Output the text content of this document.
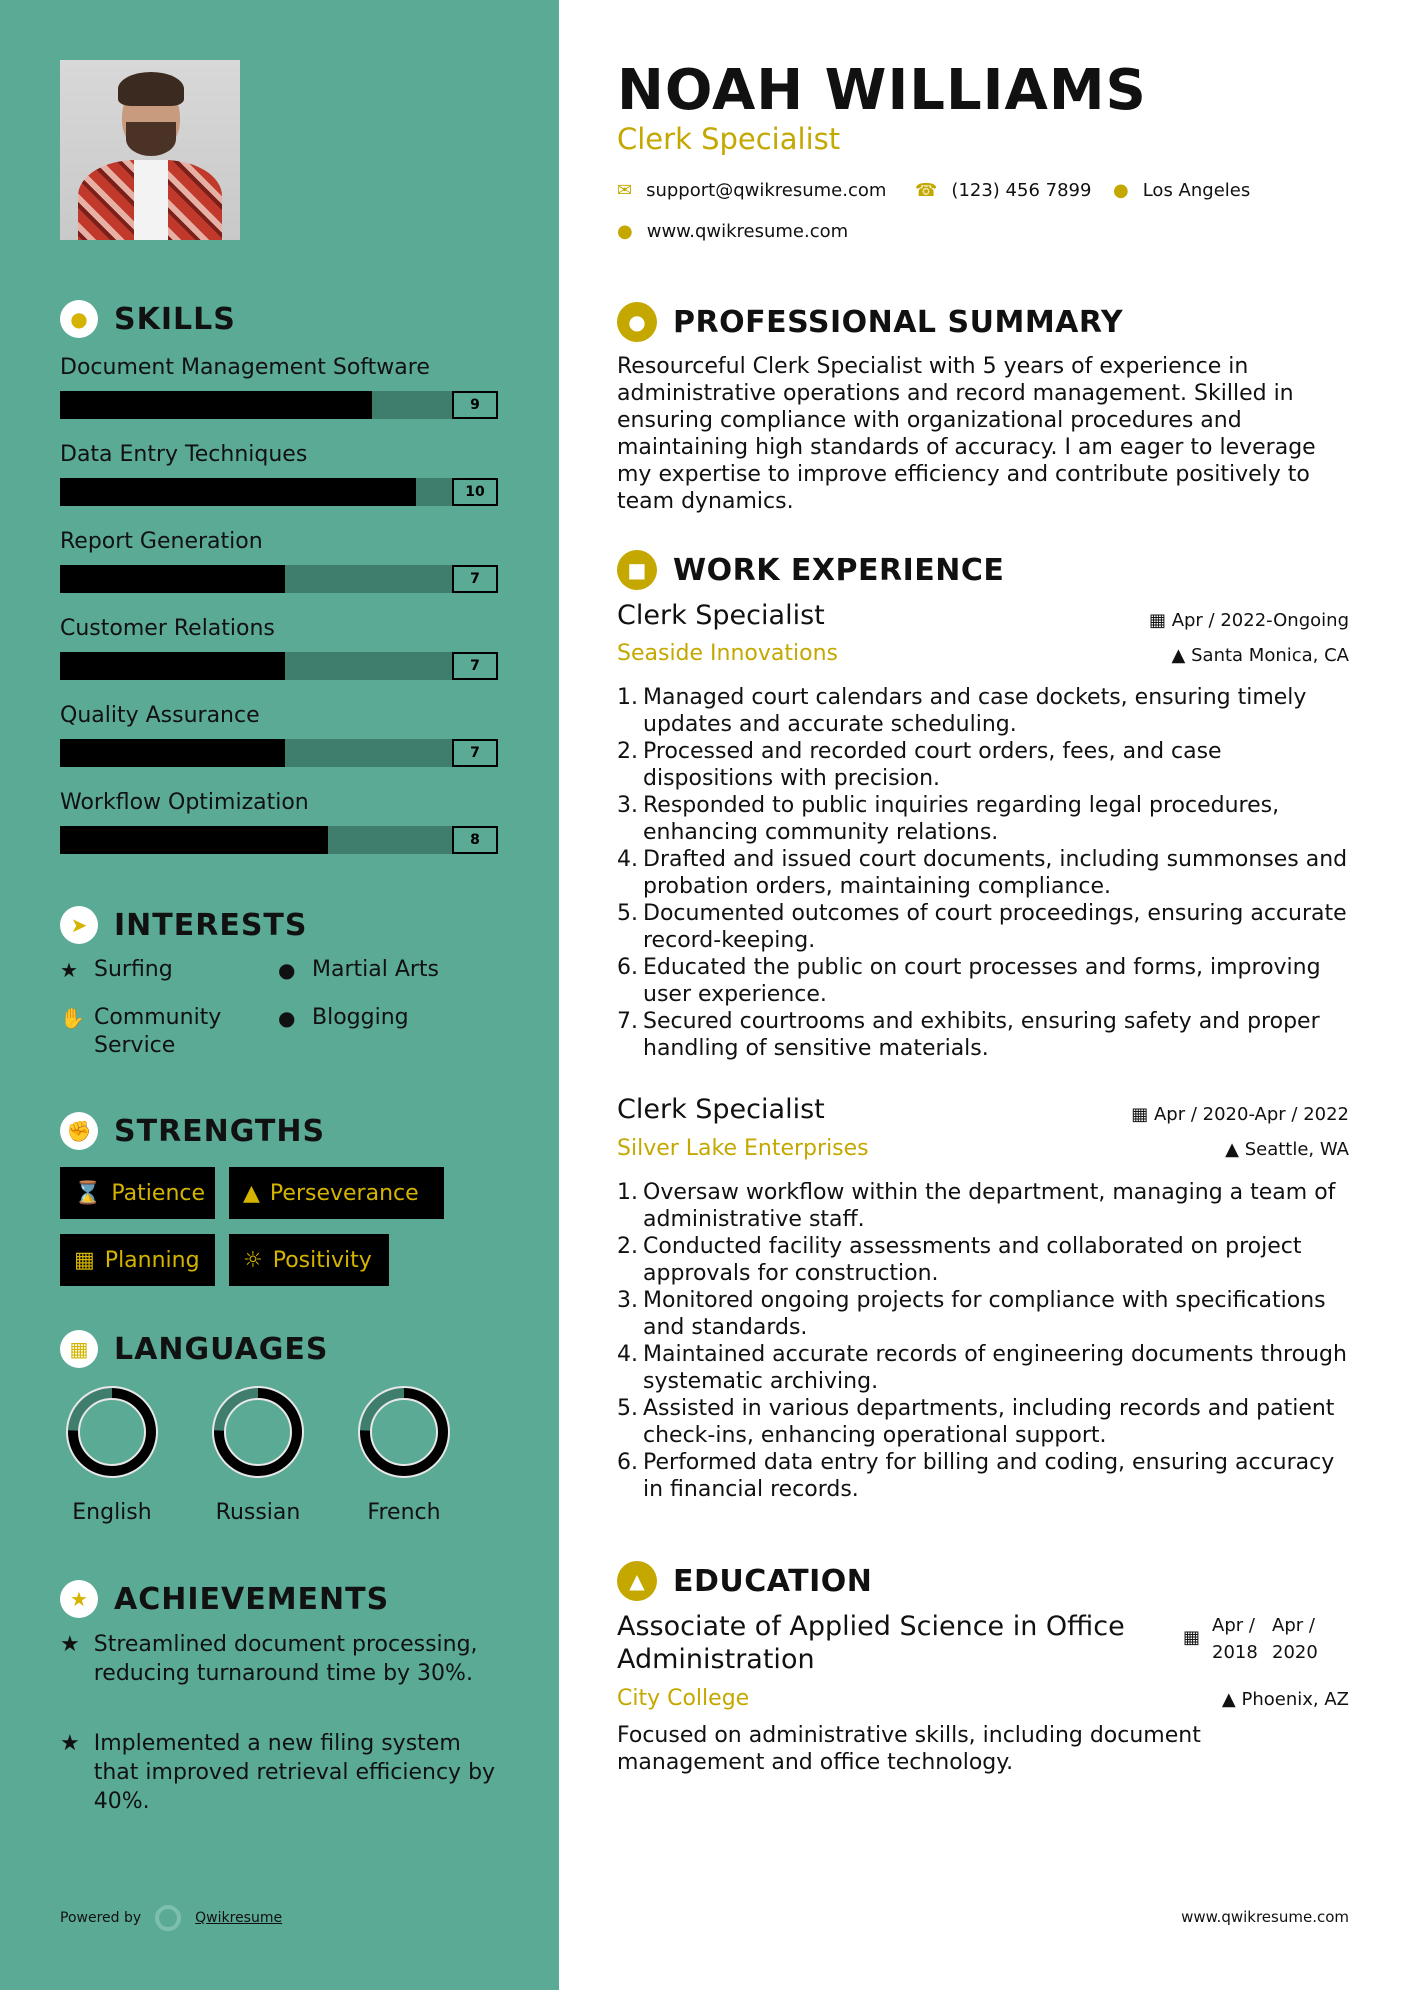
● SKILLS
Document Management Software
9
Data Entry Techniques
10
Report Generation
7
Customer Relations
7
Quality Assurance
7
Workflow Optimization
8
➤ INTERESTS
★ Surfing	● Martial Arts
✋ Community Service
● Blogging
✊ STRENGTHS
⌛ Patience ▲ Perseverance
▦ Planning ☼ Positivity
▦ LANGUAGES
English	Russian	French
★ ACHIEVEMENTS
★ Streamlined document processing, reducing turnaround time by 30%.
★ Implemented a new filing system that improved retrieval efficiency by 40%.
Powered by	Qwikresume
NOAH WILLIAMS
Clerk Specialist
✉ support@qwikresume.com ☎ (123) 456 7899 ● Los Angeles
● www.qwikresume.com
● PROFESSIONAL SUMMARY
Resourceful Clerk Specialist with 5 years of experience in administrative operations and record management. Skilled in ensuring compliance with organizational procedures and maintaining high standards of accuracy. I am eager to leverage my expertise to improve efficiency and contribute positively to team dynamics.
■ WORK EXPERIENCE
Clerk Specialist
Seaside Innovations
▦ Apr / 2022-Ongoing
▲ Santa Monica, CA
1. Managed court calendars and case dockets, ensuring timely updates and accurate scheduling.
2. Processed and recorded court orders, fees, and case dispositions with precision.
3. Responded to public inquiries regarding legal procedures, enhancing community relations.
4. Drafted and issued court documents, including summonses and probation orders, maintaining compliance.
5. Documented outcomes of court proceedings, ensuring accurate record-keeping.
6. Educated the public on court processes and forms, improving user experience.
7. Secured courtrooms and exhibits, ensuring safety and proper handling of sensitive materials.
Clerk Specialist
Silver Lake Enterprises
▦ Apr / 2020-Apr / 2022
▲ Seattle, WA
1. Oversaw workflow within the department, managing a team of administrative staff.
2. Conducted facility assessments and collaborated on project approvals for construction.
3. Monitored ongoing projects for compliance with specifications and standards.
4. Maintained accurate records of engineering documents through systematic archiving.
5. Assisted in various departments, including records and patient check-ins, enhancing operational support.
6. Performed data entry for billing and coding, ensuring accuracy in financial records.
▲ EDUCATION
Associate of Applied Science in Office Administration
City College
▦
Apr / 2018
Apr / 2020
▲ Phoenix, AZ
Focused on administrative skills, including document management and office technology.
www.qwikresume.com
